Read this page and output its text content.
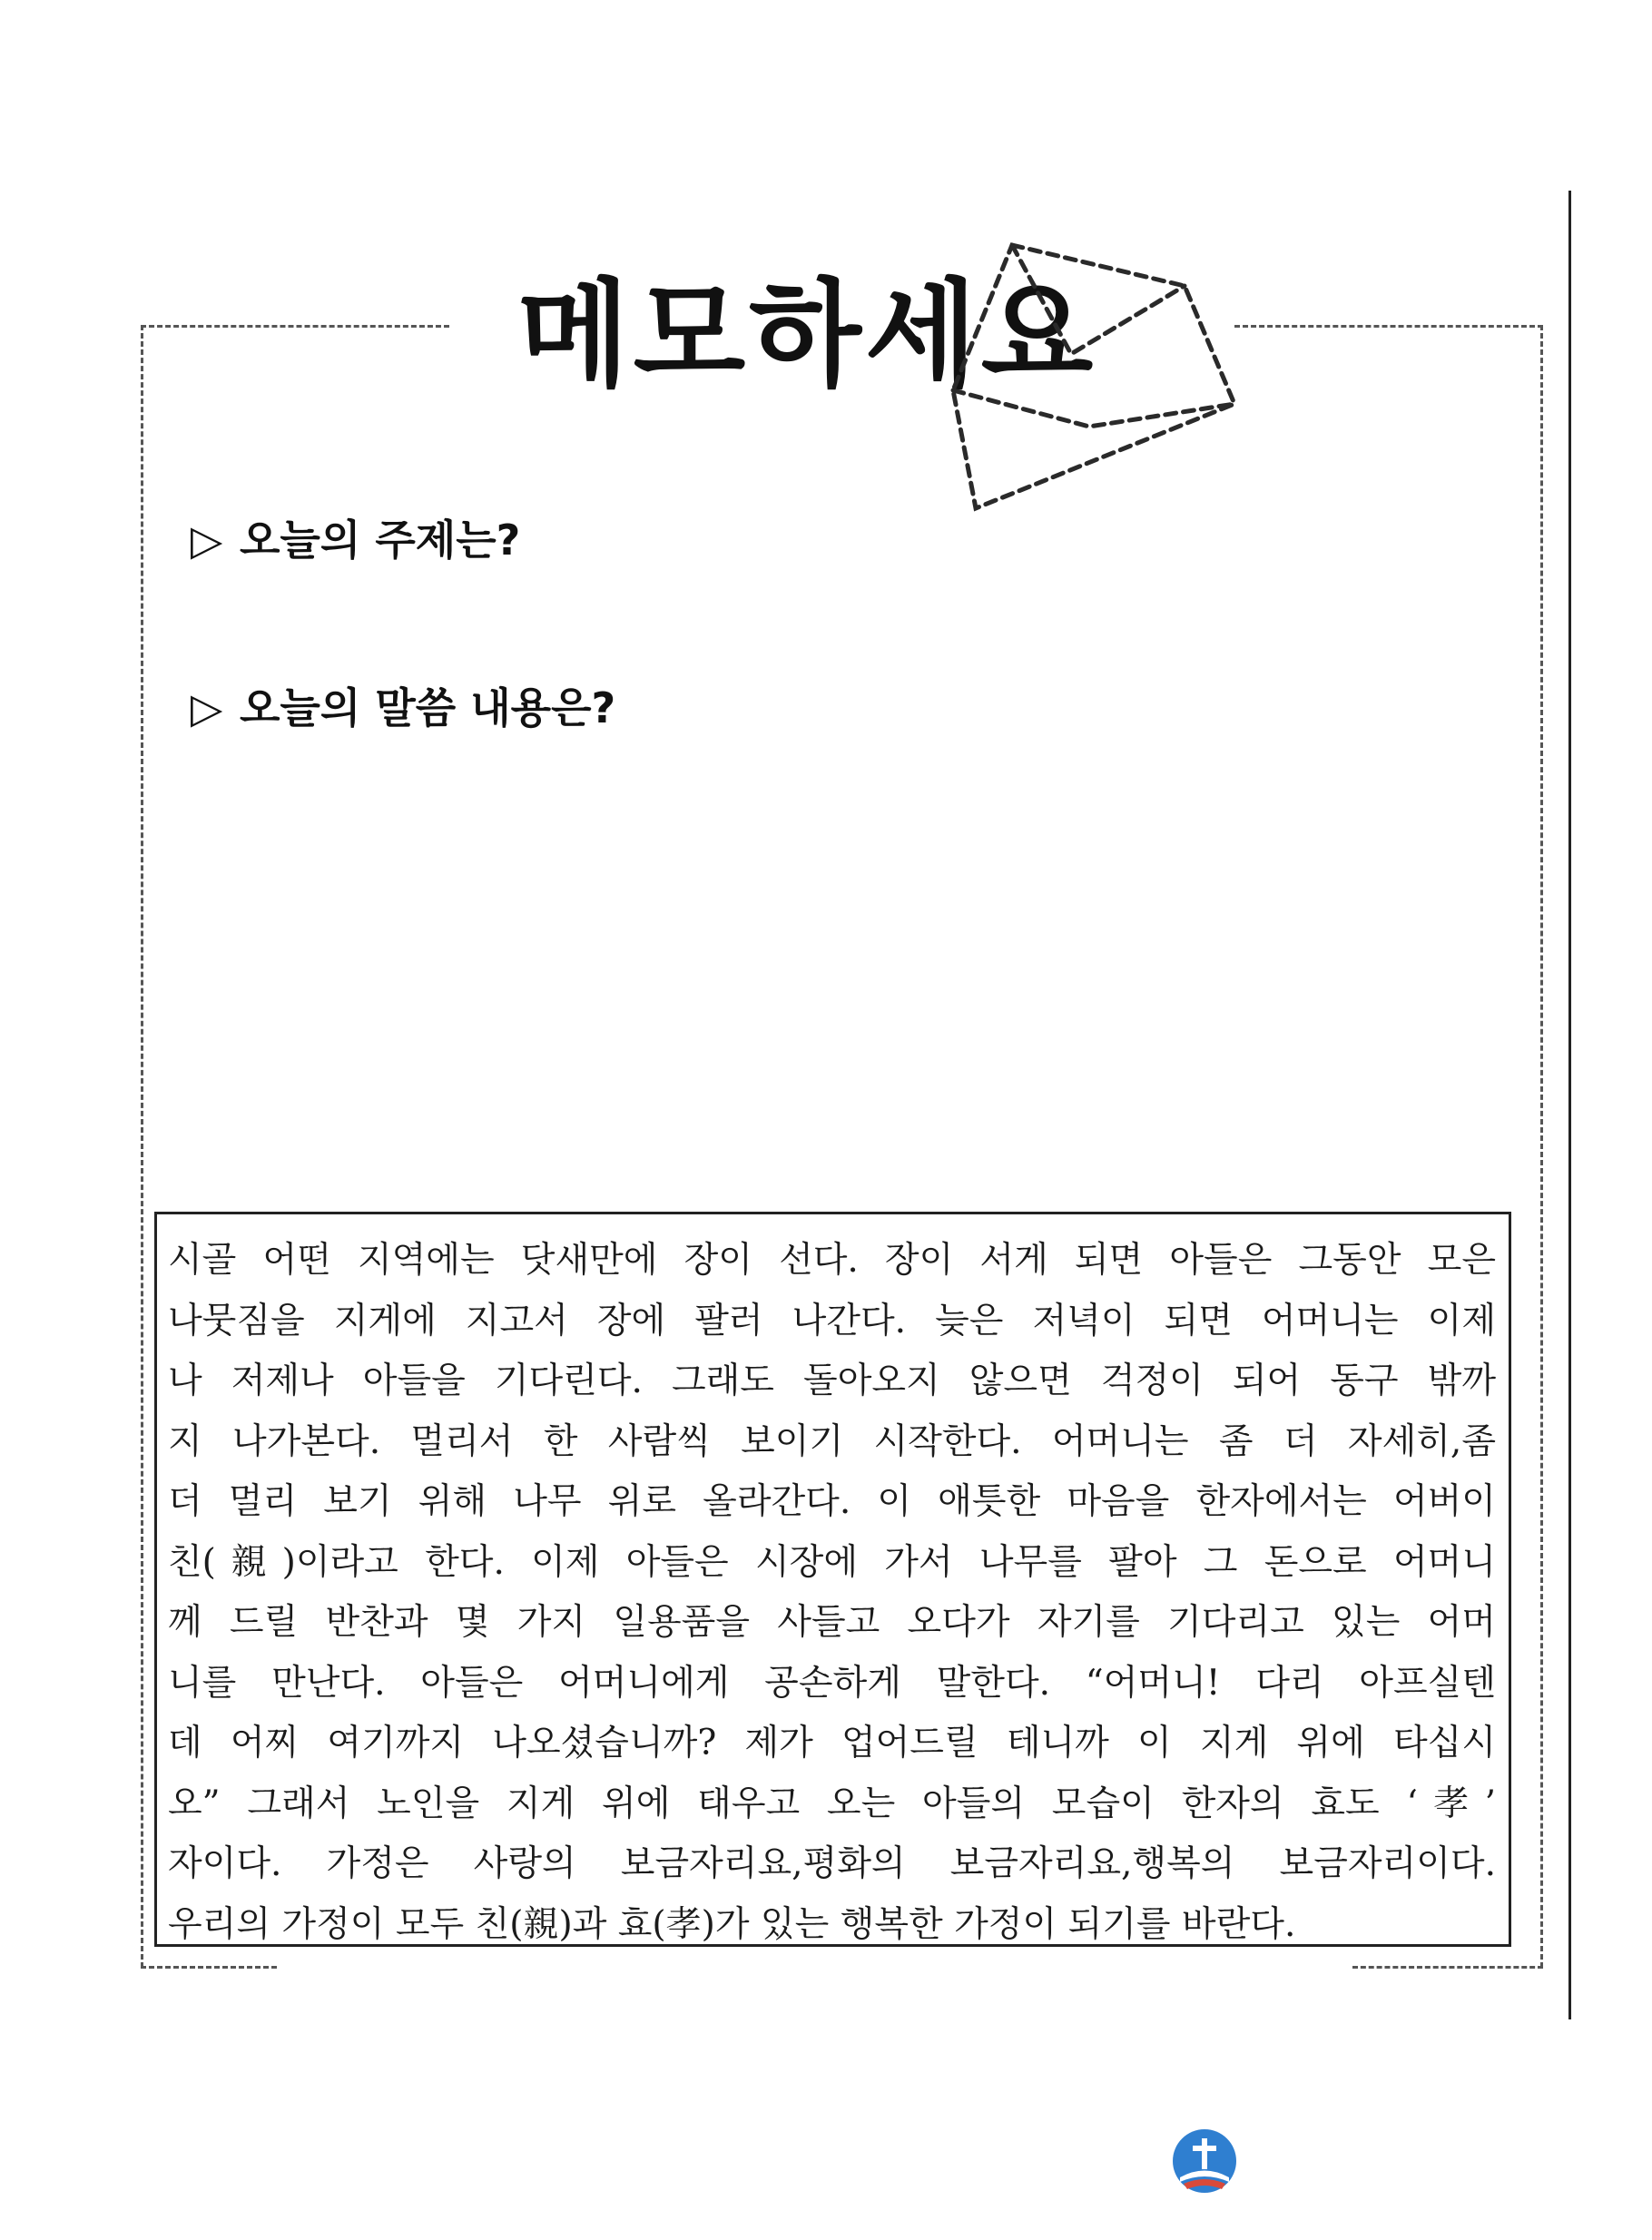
메모하세요
▷ 오늘의 주제는?
▷ 오늘의 말씀 내용은?
시골 어떤 지역에는 닷새만에 장이 선다. 장이 서게 되면 아들은 그동안 모은
나뭇짐을 지게에 지고서 장에 팔러 나간다. 늦은 저녁이 되면 어머니는 이제
나 저제나 아들을 기다린다. 그래도 돌아오지 않으면 걱정이 되어 동구 밖까
지 나가본다. 멀리서 한 사람씩 보이기 시작한다. 어머니는 좀 더 자세히,좀
더 멀리 보기 위해 나무 위로 올라간다. 이 애틋한 마음을 한자에서는 어버이
친(親)이라고 한다. 이제 아들은 시장에 가서 나무를 팔아 그 돈으로 어머니
께 드릴 반찬과 몇 가지 일용품을 사들고 오다가 자기를 기다리고 있는 어머
니를 만난다. 아들은 어머니에게 공손하게 말한다. “어머니! 다리 아프실텐
데 어찌 여기까지 나오셨습니까? 제가 업어드릴 테니까 이 지게 위에 타십시
오” 그래서 노인을 지게 위에 태우고 오는 아들의 모습이 한자의 효도 ‘孝’
자이다. 가정은 사랑의 보금자리요,평화의 보금자리요,행복의 보금자리이다.
우리의 가정이 모두 친(親)과 효(孝)가 있는 행복한 가정이 되기를 바란다.
